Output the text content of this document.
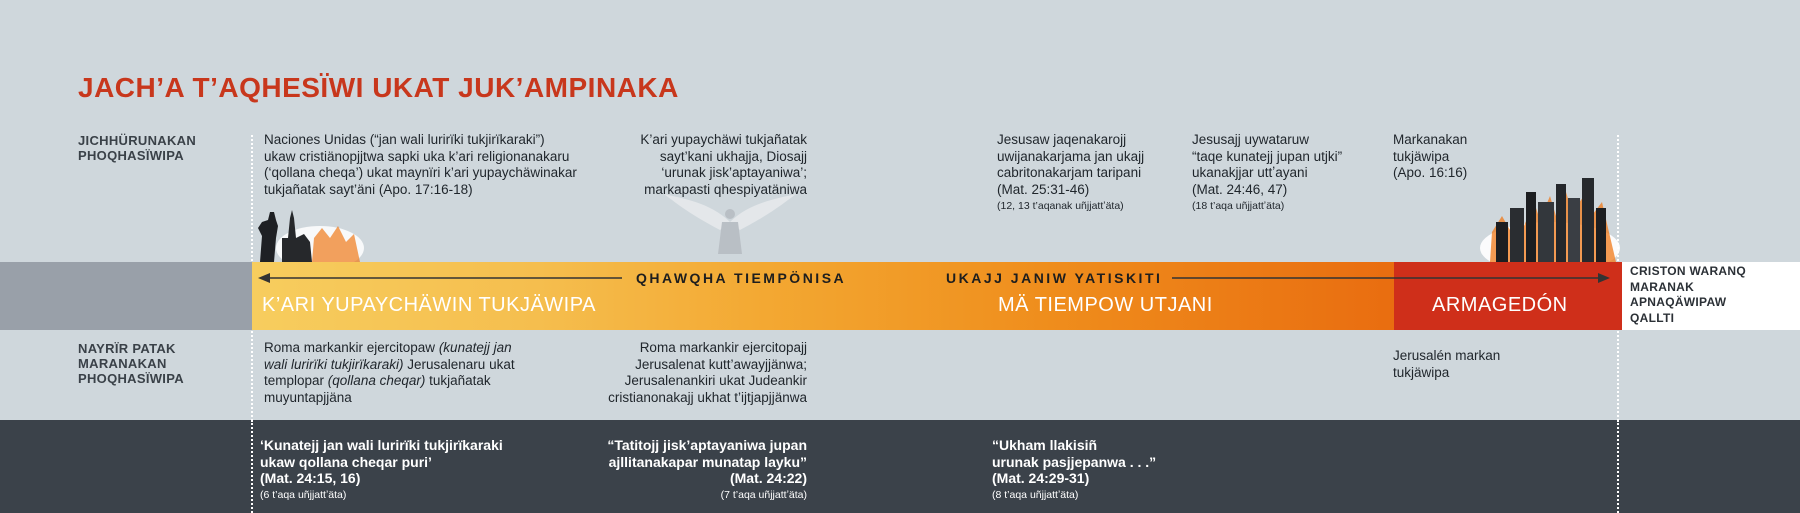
JACH’A T’AQHESÏWI UKAT JUK’AMPINAKA
JICHHÜRUNAKAN
PHOQHASÏWIPA
NAYRÏR PATAK
MARANAKAN
PHOQHASÏWIPA
Naciones Unidas (“jan wali lurirïki tukjirïkaraki”)
ukaw cristiänopjjtwa sapki uka k’ari religionanakaru
(‘qollana cheqa’) ukat maynïri k’ari yupaychäwinakar
tukjañatak sayt’äni (Apo. 17:16-18)
K’ari yupaychäwi tukjañatak
sayt’kani ukhajja, Diosajj
‘urunak jisk’aptayaniwa’;
markapasti qhespiyatäniwa
Jesusaw jaqenakarojj
uwijanakarjama jan ukajj
cabritonakarjam taripani
(Mat. 25:31-46)
(12, 13 t’aqanak uñjjattʼäta)
Jesusajj uywataruw
“taqe kunatejj jupan utjki”
ukanakjjar uttʼayani
(Mat. 24:46, 47)
(18 t’aqa uñjjattʼäta)
Markanakan
tukjäwipa
(Apo. 16:16)
QHAWQHA TIEMPÖNISA	UKAJJ JANIW YATISKITI
K’ARI YUPAYCHÄWIN TUKJÄWIPA	MÄ TIEMPOW UTJANI	ARMAGEDÓN
CRISTON WARANQ
MARANAK
APNAQÄWIPAW
QALLTI
Roma markankir ejercitopaw (kunatejj jan
wali lurirïki tukjirïkaraki) Jerusalenaru ukat
templopar (qollana cheqar) tukjañatak
muyuntapjjäna
Roma markankir ejercitopajj
Jerusalenat kutt’awayjjänwa;
Jerusalenankiri ukat Judeankir
cristianonakajj ukhat t’ijtjapjjänwa
Jerusalén markan
tukjäwipa
‘Kunatejj jan wali lurirïki tukjirïkaraki
ukaw qollana cheqar puri’
(Mat. 24:15, 16)
(6 t’aqa uñjjattʼäta)
“Tatitojj jisk’aptayaniwa jupan
ajllitanakapar munatap layku”
(Mat. 24:22)
(7 t’aqa uñjjattʼäta)
“Ukham llakisiñ
urunak pasjjepanwa . . .”
(Mat. 24:29-31)
(8 t’aqa uñjjattʼäta)
